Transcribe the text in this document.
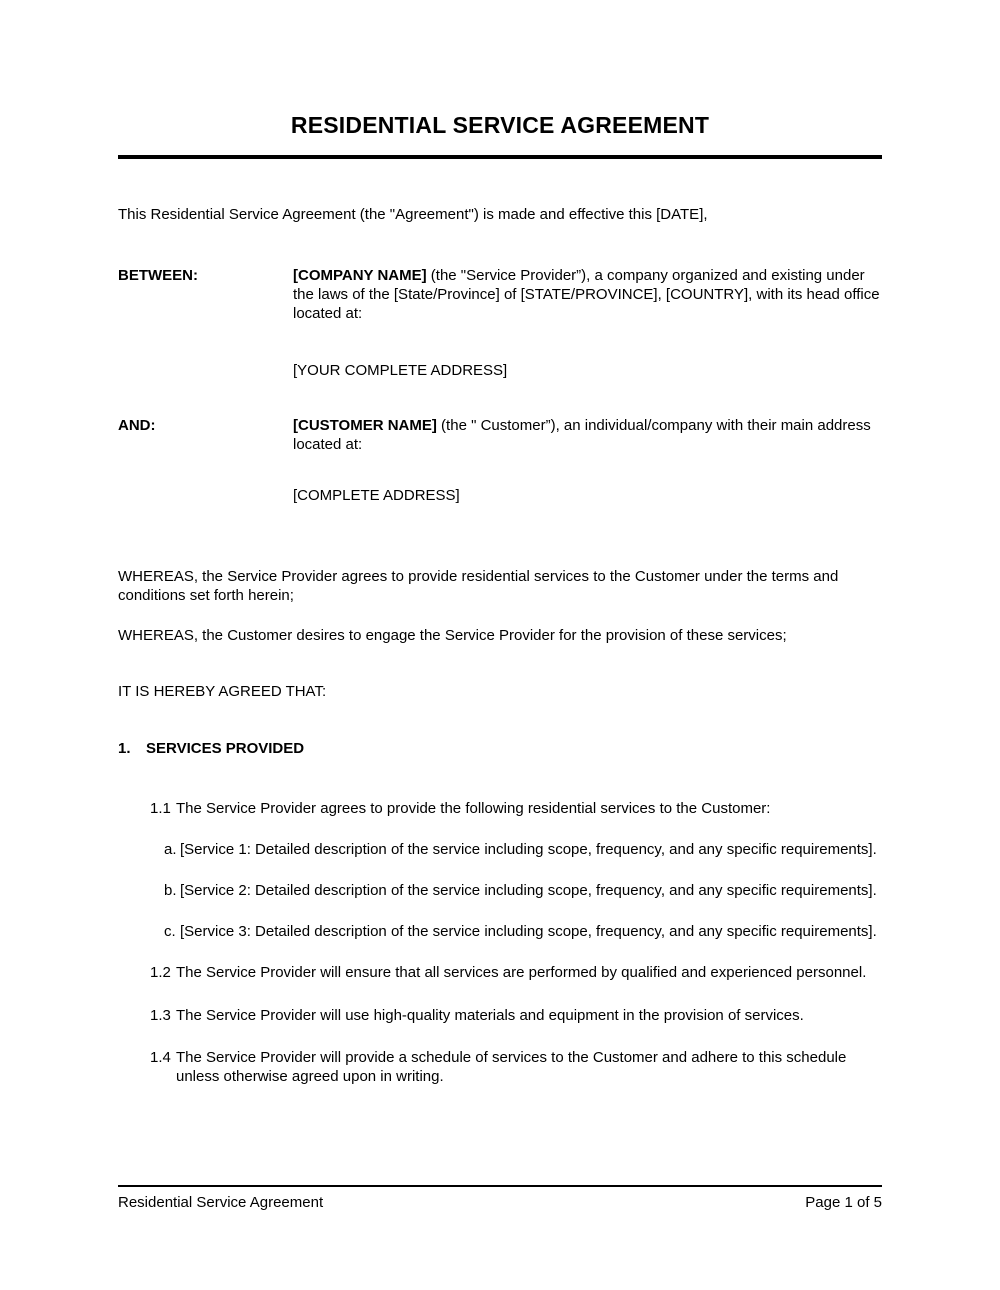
RESIDENTIAL SERVICE AGREEMENT

This Residential Service Agreement (the "Agreement") is made and effective this [DATE],

BETWEEN:	[COMPANY NAME] (the "Service Provider”), a company organized and existing under the laws of the [State/Province] of [STATE/PROVINCE], [COUNTRY], with its head office located at:
[YOUR COMPLETE ADDRESS]
AND:	[CUSTOMER NAME] (the " Customer”), an individual/company with their main address located at:
[COMPLETE ADDRESS]

WHEREAS, the Service Provider agrees to provide residential services to the Customer under the terms and conditions set forth herein;

WHEREAS, the Customer desires to engage the Service Provider for the provision of these services;

IT IS HEREBY AGREED THAT:

1.	SERVICES PROVIDED
1.1 The Service Provider agrees to provide the following residential services to the Customer:
a. [Service 1: Detailed description of the service including scope, frequency, and any specific requirements].
b. [Service 2: Detailed description of the service including scope, frequency, and any specific requirements].
c. [Service 3: Detailed description of the service including scope, frequency, and any specific requirements].
1.2 The Service Provider will ensure that all services are performed by qualified and experienced personnel.
1.3 The Service Provider will use high-quality materials and equipment in the provision of services.
1.4 The Service Provider will provide a schedule of services to the Customer and adhere to this schedule unless otherwise agreed upon in writing.
Residential Service Agreement	Page 1 of 5
